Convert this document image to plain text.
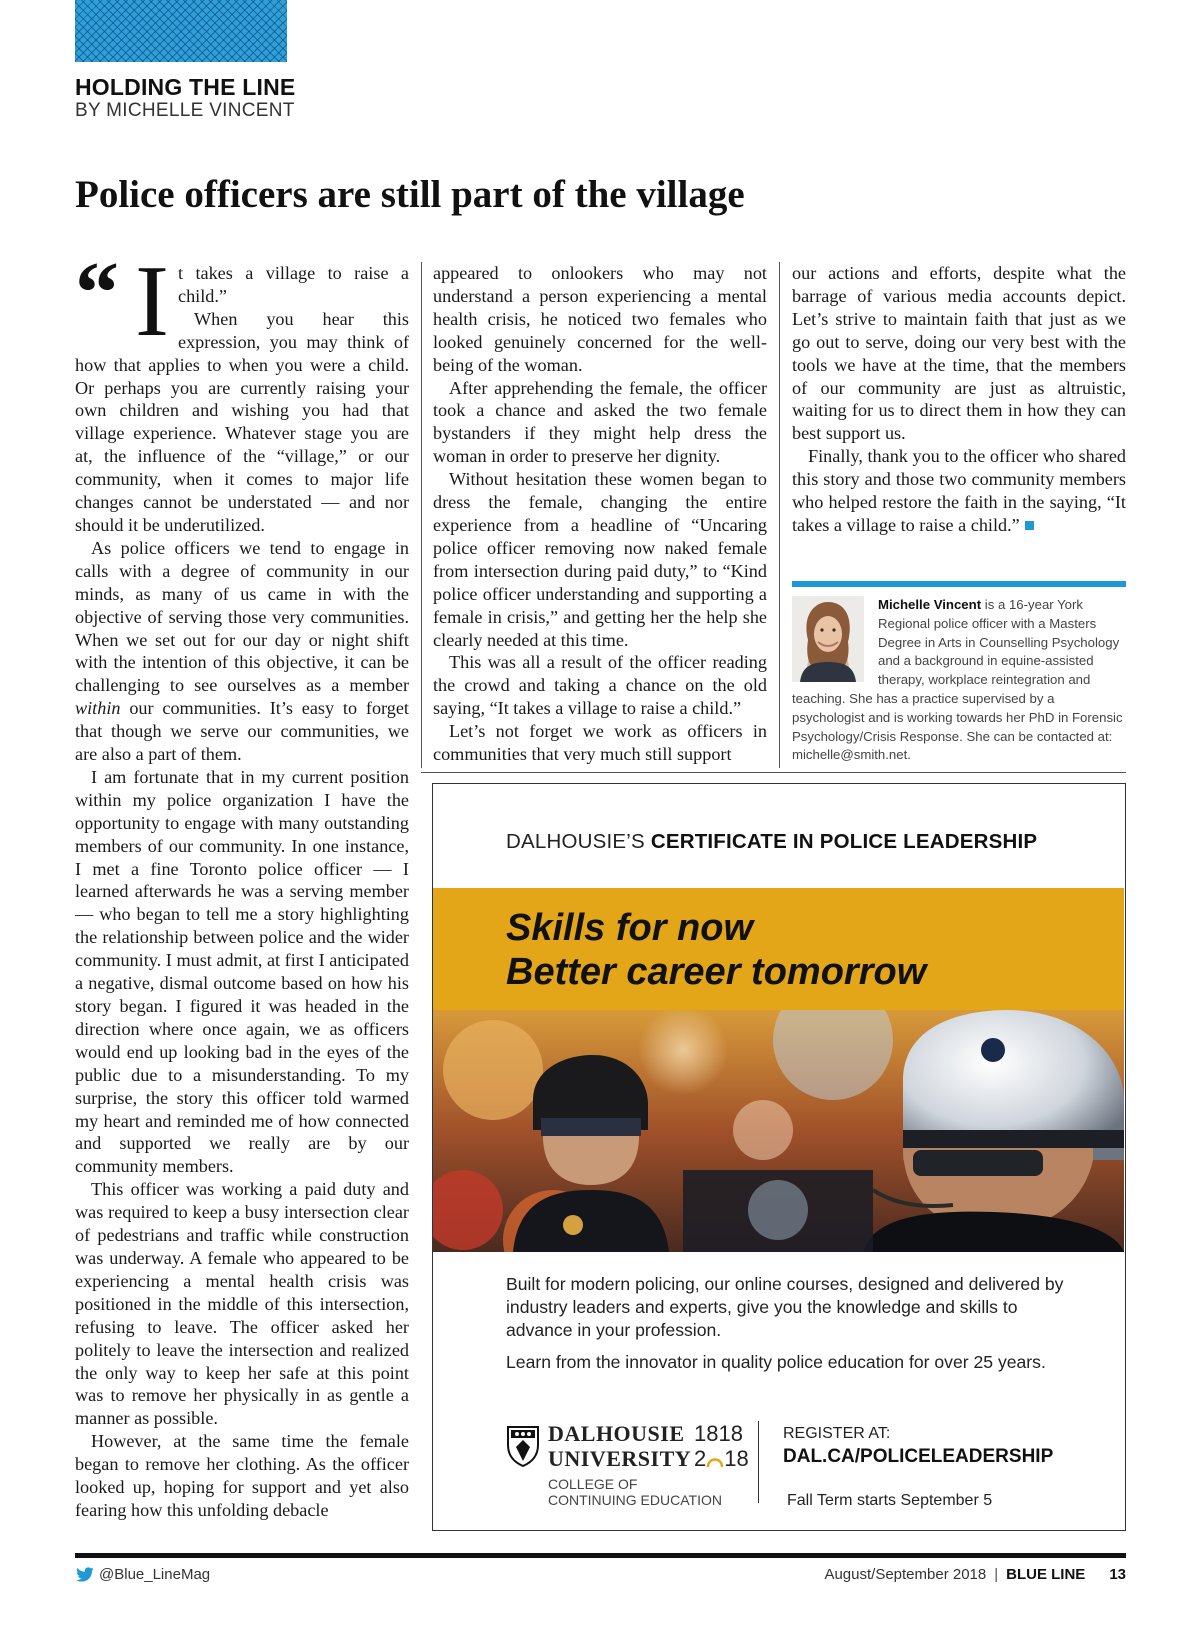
HOLDING THE LINE
BY MICHELLE VINCENT
Police officers are still part of the village
“ I t takes a village to raise a child.”

When you hear this expression, you may think of how that applies to when you were a child. Or perhaps you are currently raising your own children and wishing you had that village experience. Whatever stage you are at, the influence of the “village,” or our community, when it comes to major life changes cannot be understated — and nor should it be underutilized.

As police officers we tend to engage in calls with a degree of community in our minds, as many of us came in with the objective of serving those very communities. When we set out for our day or night shift with the intention of this objective, it can be challenging to see ourselves as a member within our communities. It’s easy to forget that though we serve our communities, we are also a part of them.

I am fortunate that in my current position within my police organization I have the opportunity to engage with many outstanding members of our community. In one instance, I met a fine Toronto police officer — I learned afterwards he was a serving member — who began to tell me a story highlighting the relationship between police and the wider community. I must admit, at first I anticipated a negative, dismal outcome based on how his story began. I figured it was headed in the direction where once again, we as officers would end up looking bad in the eyes of the public due to a misunderstanding. To my surprise, the story this officer told warmed my heart and reminded me of how connected and supported we really are by our community members.

This officer was working a paid duty and was required to keep a busy intersection clear of pedestrians and traffic while construction was underway. A female who appeared to be experiencing a mental health crisis was positioned in the middle of this intersection, refusing to leave. The officer asked her politely to leave the intersection and realized the only way to keep her safe at this point was to remove her physically in as gentle a manner as possible.

However, at the same time the female began to remove her clothing. As the officer looked up, hoping for support and yet also fearing how this unfolding debacle

appeared to onlookers who may not understand a person experiencing a mental health crisis, he noticed two females who looked genuinely concerned for the well-being of the woman.

After apprehending the female, the officer took a chance and asked the two female bystanders if they might help dress the woman in order to preserve her dignity.

Without hesitation these women began to dress the female, changing the entire experience from a headline of “Uncaring police officer removing now naked female from intersection during paid duty,” to “Kind police officer understanding and supporting a female in crisis,” and getting her the help she clearly needed at this time.

This was all a result of the officer reading the crowd and taking a chance on the old saying, “It takes a village to raise a child.”

Let’s not forget we work as officers in communities that very much still support

our actions and efforts, despite what the barrage of various media accounts depict. Let’s strive to maintain faith that just as we go out to serve, doing our very best with the tools we have at the time, that the members of our community are just as altruistic, waiting for us to direct them in how they can best support us.

Finally, thank you to the officer who shared this story and those two community members who helped restore the faith in the saying, “It takes a village to raise a child.”

Michelle Vincent is a 16-year York Regional police officer with a Masters Degree in Arts in Counselling Psychology and a background in equine-assisted therapy, workplace reintegration and teaching. She has a practice supervised by a psychologist and is working towards her PhD in Forensic Psychology/Crisis Response. She can be contacted at: michelle@smith.net.
DALHOUSIE’S CERTIFICATE IN POLICE LEADERSHIP
Skills for now
Better career tomorrow

Built for modern policing, our online courses, designed and delivered by industry leaders and experts, give you the knowledge and skills to advance in your profession.

Learn from the innovator in quality police education for over 25 years.

DALHOUSIE
UNIVERSITY
1818
2 18
COLLEGE OF
CONTINUING EDUCATION
REGISTER AT:
DAL.CA/POLICELEADERSHIP
Fall Term starts September 5
@Blue_LineMag	August/September 2018 | BLUE LINE 13
